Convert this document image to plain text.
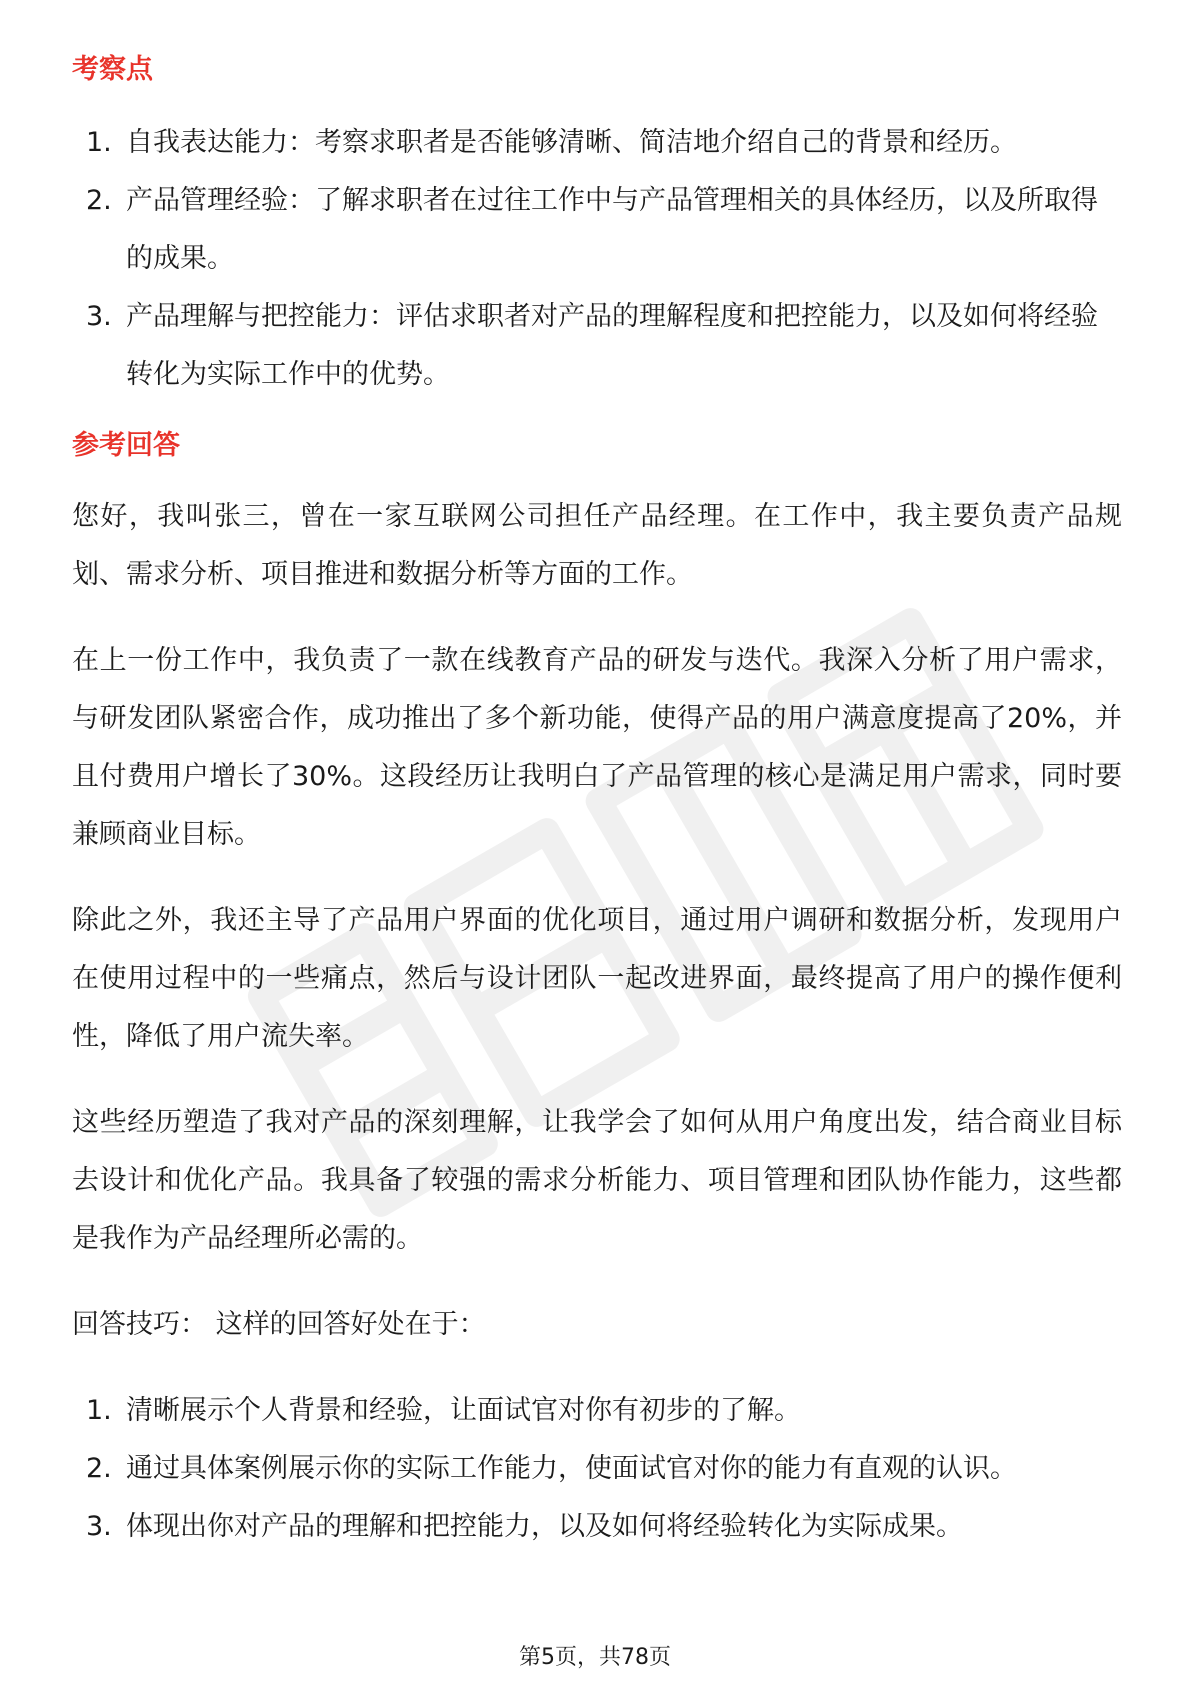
考察点
1. 自我表达能力：考察求职者是否能够清晰、简洁地介绍自己的背景和经历。
2. 产品管理经验：了解求职者在过往工作中与产品管理相关的具体经历，以及所取得的成果。
3. 产品理解与把控能力：评估求职者对产品的理解程度和把控能力，以及如何将经验转化为实际工作中的优势。
参考回答

您好，我叫张三，曾在一家互联网公司担任产品经理。在工作中，我主要负责产品规划、需求分析、项目推进和数据分析等方面的工作。

在上一份工作中，我负责了一款在线教育产品的研发与迭代。我深入分析了用户需求，与研发团队紧密合作，成功推出了多个新功能，使得产品的用户满意度提高了20%，并且付费用户增长了30%。这段经历让我明白了产品管理的核心是满足用户需求，同时要兼顾商业目标。

除此之外，我还主导了产品用户界面的优化项目，通过用户调研和数据分析，发现用户在使用过程中的一些痛点，然后与设计团队一起改进界面，最终提高了用户的操作便利性，降低了用户流失率。

这些经历塑造了我对产品的深刻理解，让我学会了如何从用户角度出发，结合商业目标去设计和优化产品。我具备了较强的需求分析能力、项目管理和团队协作能力，这些都是我作为产品经理所必需的。

回答技巧： 这样的回答好处在于：

1. 清晰展示个人背景和经验，让面试官对你有初步的了解。
2. 通过具体案例展示你的实际工作能力，使面试官对你的能力有直观的认识。
3. 体现出你对产品的理解和把控能力，以及如何将经验转化为实际成果。
第5页，共78页
